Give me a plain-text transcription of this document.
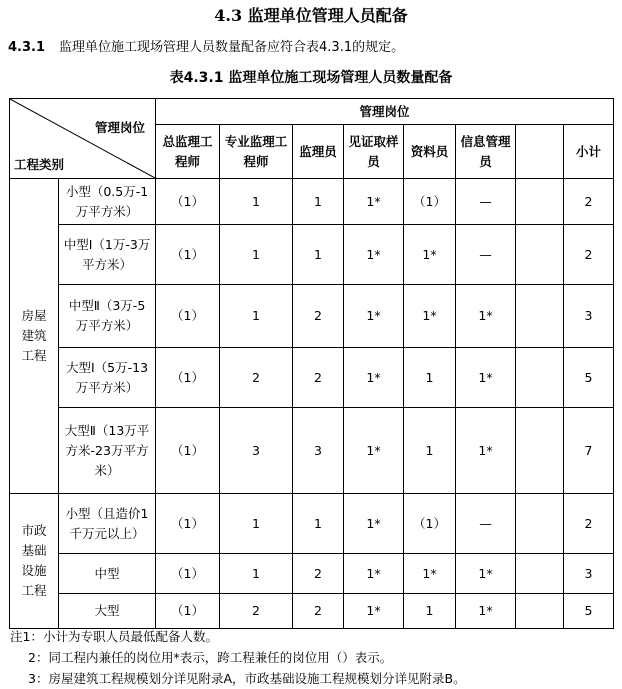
4.3 监理单位管理人员配备
4.3.1 监理单位施工现场管理人员数量配备应符合表4.3.1的规定。
表4.3.1 监理单位施工现场管理人员数量配备
管理岗位
工程类别		管理岗位							
		总监理工程师	专业监理工程师	监理员	见证取样员	资料员	信息管理员		小计
房屋建筑工程	小型（0.5万-1万平方米）	（1）	1	1	1*	（1）	—		2
	中型Ⅰ（1万-3万平方米）	（1）	1	1	1*	1*	—		2
	中型Ⅱ（3万-5万平方米）	（1）	1	2	1*	1*	1*		3
	大型Ⅰ（5万-13万平方米）	（1）	2	2	1*	1	1*		5
	大型Ⅱ（13万平方米-23万平方米）	（1）	3	3	1*	1	1*		7
市政基础设施工程	小型（且造价1千万元以上）	（1）	1	1	1*	（1）	—		2
	中型	（1）	1	2	1*	1*	1*		3
	大型	（1）	2	2	1*	1	1*		5
注1：小计为专职人员最低配备人数。
2：同工程内兼任的岗位用*表示，跨工程兼任的岗位用（）表示。
3：房屋建筑工程规模划分详见附录A，市政基础设施工程规模划分详见附录B。
